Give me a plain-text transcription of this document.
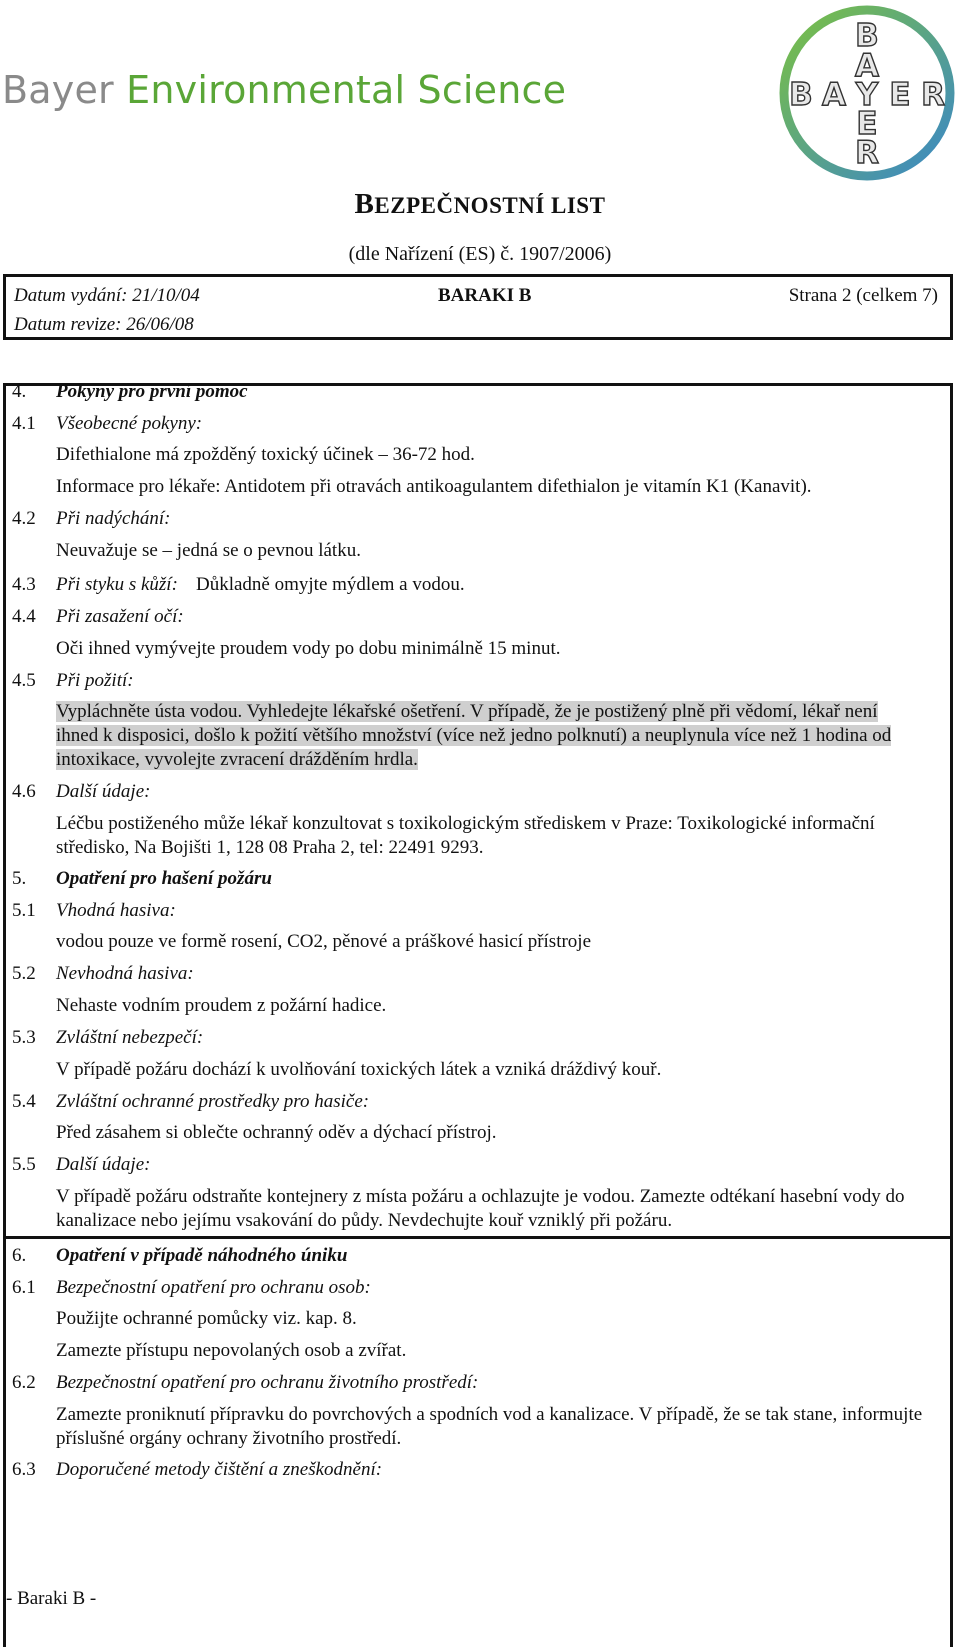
Bayer Environmental Science
B
A
B A Y E R
E
R
BEZPEČNOSTNÍ LIST
(dle Nařízení (ES) č. 1907/2006)
Datum vydání: 21/10/04
Datum revize: 26/06/08
BARAKI B	Strana 2 (celkem 7)
4. Pokyny pro první pomoc
4.1 Všeobecné pokyny:
Difethialone má zpožděný toxický účinek – 36-72 hod.
Informace pro lékaře: Antidotem při otravách antikoagulantem difethialon je vitamín K1 (Kanavit).
4.2 Při nadýchání:
Neuvažuje se – jedná se o pevnou látku.
4.3 Při styku s kůží: Důkladně omyjte mýdlem a vodou.
4.4 Při zasažení očí:
Oči ihned vymývejte proudem vody po dobu minimálně 15 minut.
4.5 Při požití:
Vypláchněte ústa vodou. Vyhledejte lékařské ošetření. V případě, že je postižený plně při vědomí, lékař není ihned k disposici, došlo k požití většího množství (více než jedno polknutí) a neuplynula více než 1 hodina od intoxikace, vyvolejte zvracení drážděním hrdla.
4.6 Další údaje:
Léčbu postiženého může lékař konzultovat s toxikologickým střediskem v Praze: Toxikologické informační středisko, Na Bojišti 1, 128 08 Praha 2, tel: 22491 9293.
5. Opatření pro hašení požáru
5.1 Vhodná hasiva:
vodou pouze ve formě rosení, CO2, pěnové a práškové hasicí přístroje
5.2 Nevhodná hasiva:
Nehaste vodním proudem z požární hadice.
5.3 Zvláštní nebezpečí:
V případě požáru dochází k uvolňování toxických látek a vzniká dráždivý kouř.
5.4 Zvláštní ochranné prostředky pro hasiče:
Před zásahem si oblečte ochranný oděv a dýchací přístroj.
5.5 Další údaje:
V případě požáru odstraňte kontejnery z místa požáru a ochlazujte je vodou. Zamezte odtékaní hasební vody do kanalizace nebo jejímu vsakování do půdy. Nevdechujte kouř vzniklý při požáru.
6. Opatření v případě náhodného úniku
6.1 Bezpečnostní opatření pro ochranu osob:
Použijte ochranné pomůcky viz. kap. 8.
Zamezte přístupu nepovolaných osob a zvířat.
6.2 Bezpečnostní opatření pro ochranu životního prostředí:
Zamezte proniknutí přípravku do povrchových a spodních vod a kanalizace. V případě, že se tak stane, informujte příslušné orgány ochrany životního prostředí.
6.3 Doporučené metody čištění a zneškodnění:
- Baraki B -
